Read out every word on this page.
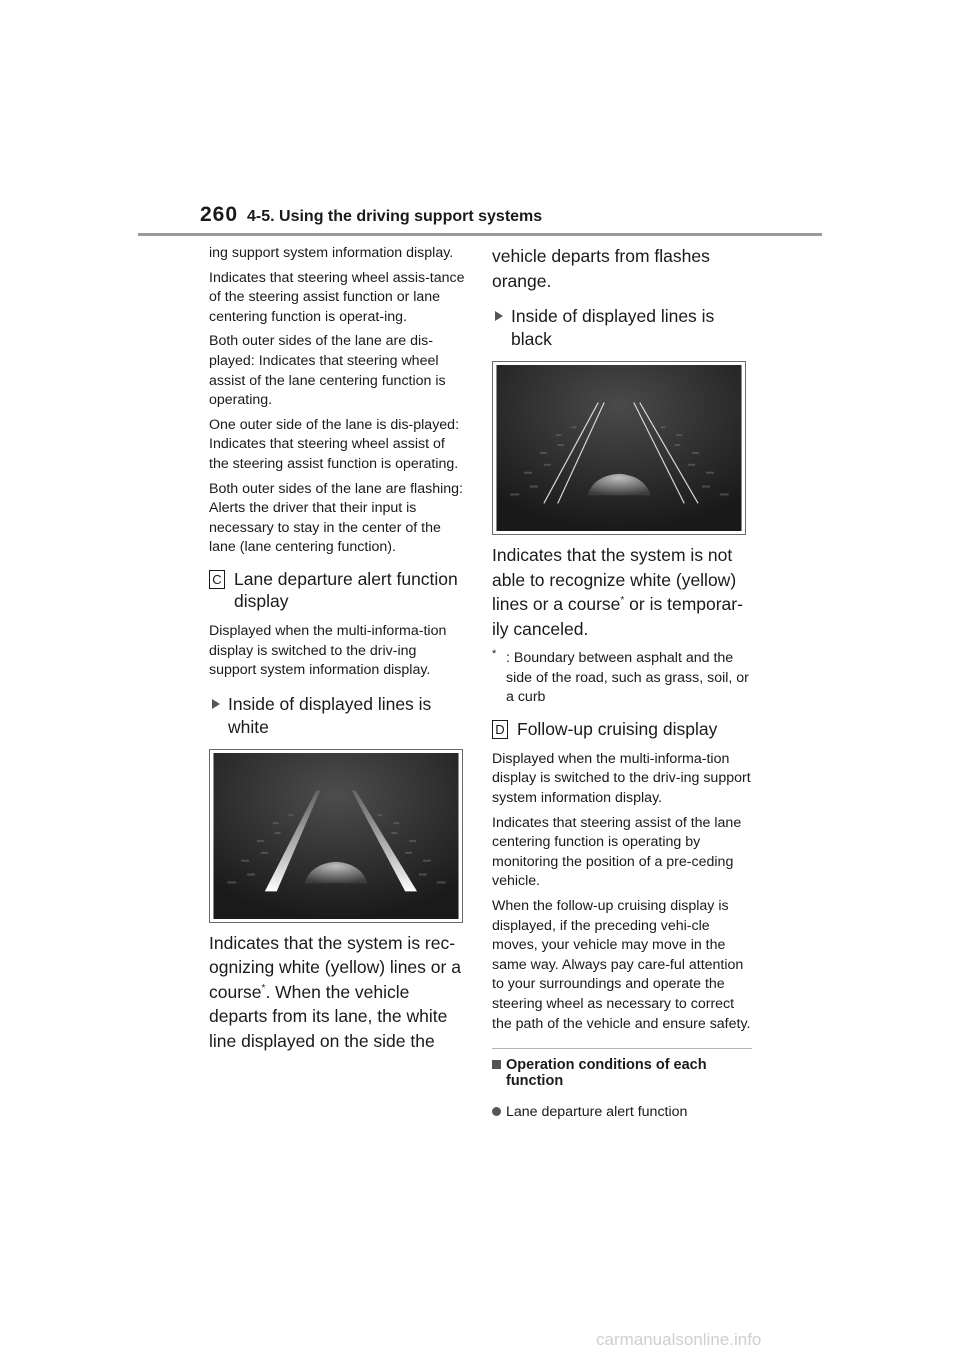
260 4-5. Using the driving support systems

ing support system information display.

Indicates that steering wheel assis-tance of the steering assist function or lane centering function is operat-ing.

Both outer sides of the lane are dis-played: Indicates that steering wheel assist of the lane centering function is operating.

One outer side of the lane is dis-played: Indicates that steering wheel assist of the steering assist function is operating.

Both outer sides of the lane are flashing: Alerts the driver that their input is necessary to stay in the center of the lane (lane centering function).

C Lane departure alert function display

Displayed when the multi-informa-tion display is switched to the driv-ing support system information display.

Inside of displayed lines is white

Indicates that the system is rec-ognizing white (yellow) lines or a course*. When the vehicle departs from its lane, the white line displayed on the side the

vehicle departs from flashes orange.

Inside of displayed lines is black

Indicates that the system is not able to recognize white (yellow) lines or a course* or is temporar-ily canceled.

* : Boundary between asphalt and the side of the road, such as grass, soil, or a curb
D Follow-up cruising display

Displayed when the multi-informa-tion display is switched to the driv-ing support system information display.

Indicates that steering assist of the lane centering function is operating by monitoring the position of a pre-ceding vehicle.

When the follow-up cruising display is displayed, if the preceding vehi-cle moves, your vehicle may move in the same way. Always pay care-ful attention to your surroundings and operate the steering wheel as necessary to correct the path of the vehicle and ensure safety.

Operation conditions of each function
Lane departure alert function
carmanualsonline.info
